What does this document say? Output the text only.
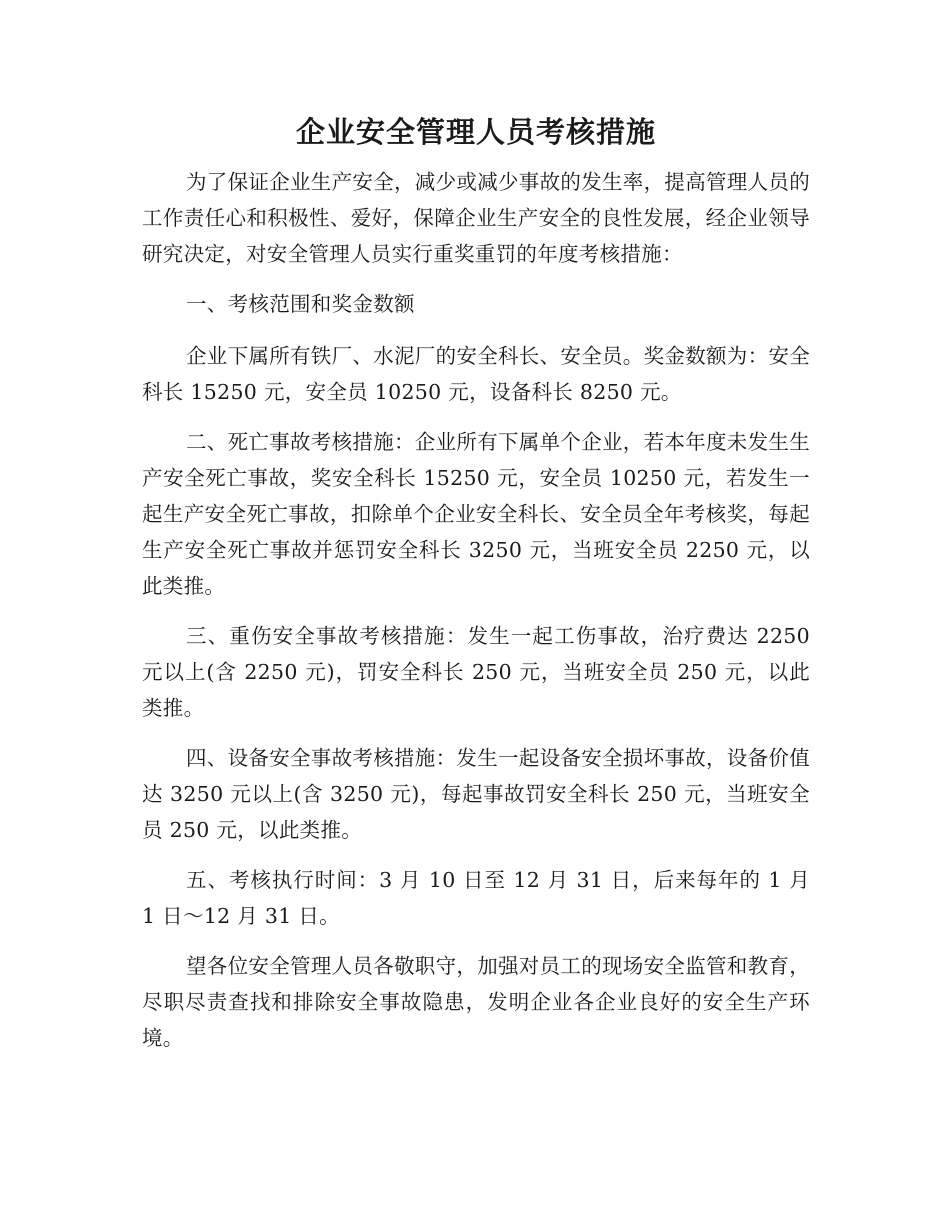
企业安全管理人员考核措施

为了保证企业生产安全，减少或减少事故的发生率，提高管理人员的工作责任心和积极性、爱好，保障企业生产安全的良性发展，经企业领导研究决定，对安全管理人员实行重奖重罚的年度考核措施：

一、考核范围和奖金数额

企业下属所有铁厂、水泥厂的安全科长、安全员。奖金数额为：安全科长 15250 元，安全员 10250 元，设备科长 8250 元。

二、死亡事故考核措施：企业所有下属单个企业，若本年度未发生生产安全死亡事故，奖安全科长 15250 元，安全员 10250 元，若发生一起生产安全死亡事故，扣除单个企业安全科长、安全员全年考核奖，每起生产安全死亡事故并惩罚安全科长 3250 元，当班安全员 2250 元，以此类推。

三、重伤安全事故考核措施：发生一起工伤事故，治疗费达 2250 元以上(含 2250 元)，罚安全科长 250 元，当班安全员 250 元，以此类推。

四、设备安全事故考核措施：发生一起设备安全损坏事故，设备价值达 3250 元以上(含 3250 元)，每起事故罚安全科长 250 元，当班安全员 250 元，以此类推。

五、考核执行时间：3 月 10 日至 12 月 31 日，后来每年的 1 月 1 日～12 月 31 日。

望各位安全管理人员各敬职守，加强对员工的现场安全监管和教育，尽职尽责查找和排除安全事故隐患，发明企业各企业良好的安全生产环境。
